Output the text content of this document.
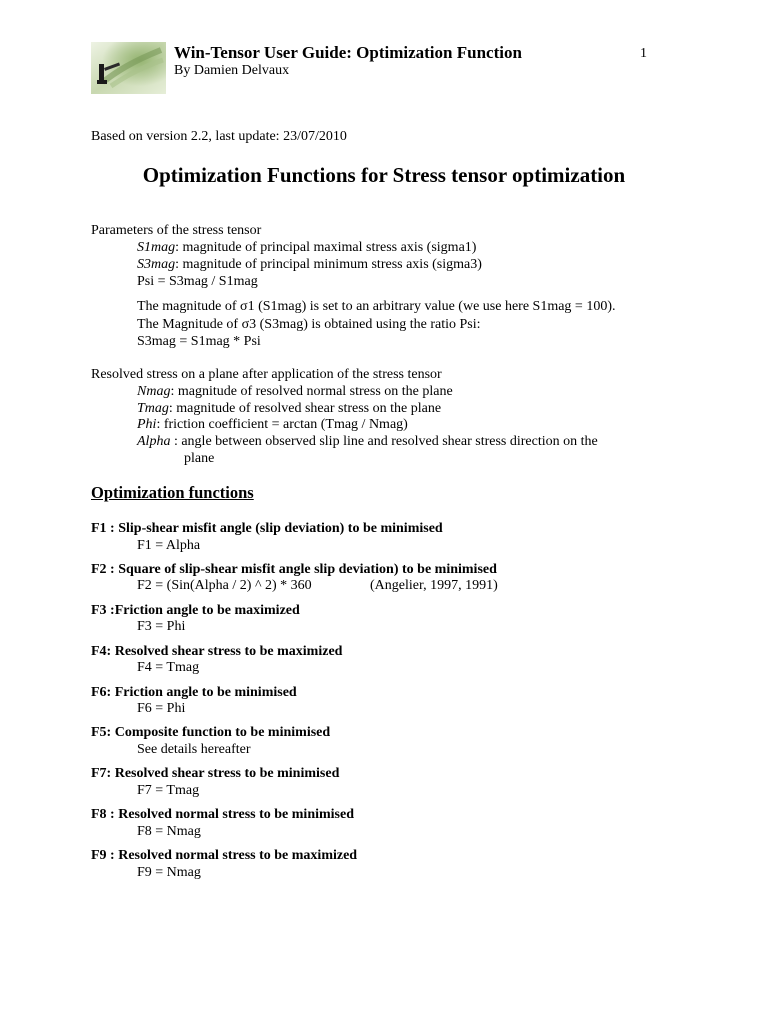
Win-Tensor User Guide: Optimization Function
By Damien Delvaux
1
Based on version 2.2, last update: 23/07/2010
Optimization Functions for Stress tensor optimization
Parameters of the stress tensor
S1mag: magnitude of principal maximal stress axis (sigma1)
S3mag: magnitude of principal minimum stress axis (sigma3)
Psi = S3mag / S1mag
The magnitude of σ1 (S1mag) is set to an arbitrary value (we use here S1mag = 100).
The Magnitude of σ3 (S3mag) is obtained using the ratio Psi:
S3mag = S1mag * Psi
Resolved stress on a plane after application of the stress tensor
Nmag: magnitude of resolved normal stress on the plane
Tmag: magnitude of resolved shear stress on the plane
Phi: friction coefficient = arctan (Tmag / Nmag)
Alpha : angle between observed slip line and resolved shear stress direction on the
plane
Optimization functions
F1 : Slip-shear misfit angle (slip deviation) to be minimised
F1 = Alpha
F2 : Square of slip-shear misfit angle slip deviation) to be minimised
F2 = (Sin(Alpha / 2) ^ 2) * 360	(Angelier, 1997, 1991)
F3 :Friction angle to be maximized
F3 = Phi
F4: Resolved shear stress to be maximized
F4 = Tmag
F6: Friction angle to be minimised
F6 = Phi
F5: Composite function to be minimised
See details hereafter
F7: Resolved shear stress to be minimised
F7 = Tmag
F8 : Resolved normal stress to be minimised
F8 = Nmag
F9 : Resolved normal stress to be maximized
F9 = Nmag
